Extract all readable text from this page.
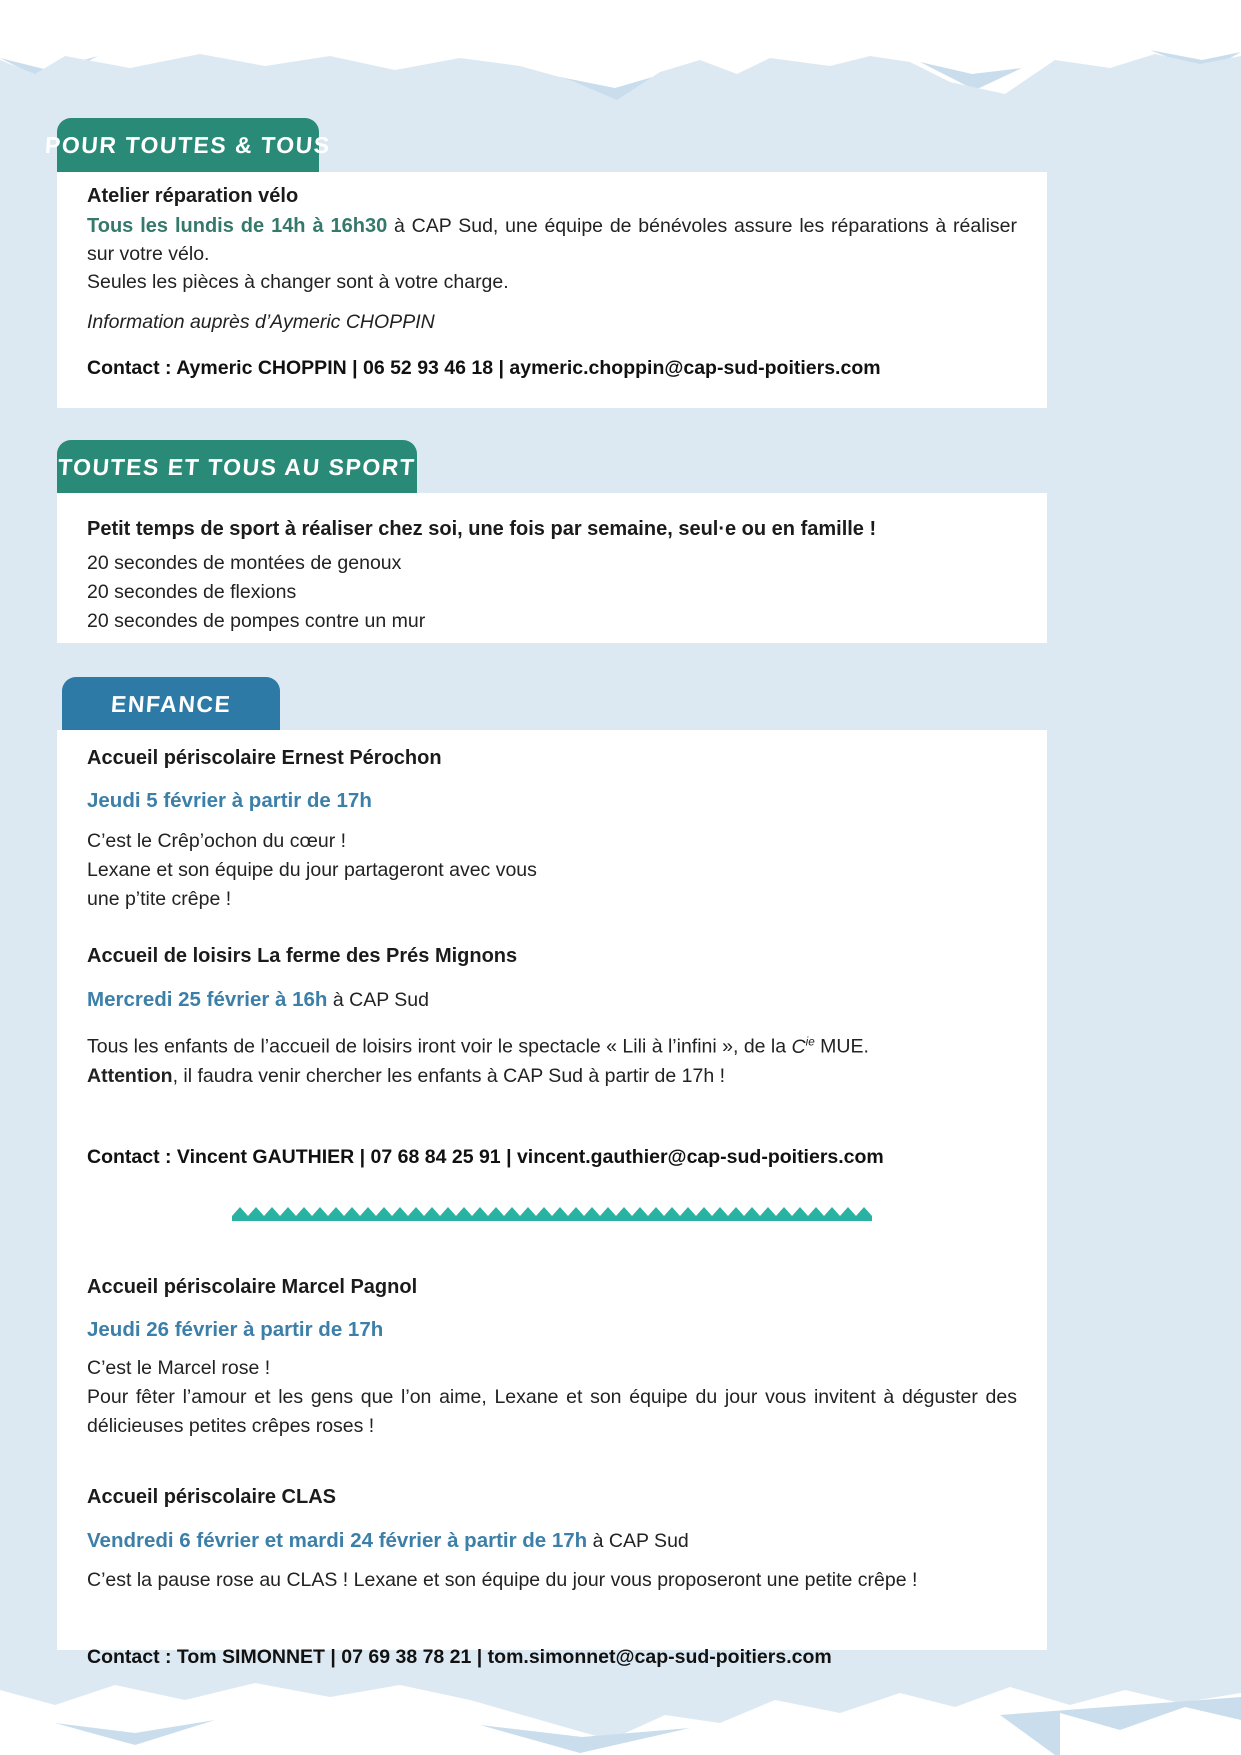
POUR TOUTES & TOUS
Atelier réparation vélo
Tous les lundis de 14h à 16h30 à CAP Sud, une équipe de bénévoles assure les réparations à réaliser sur votre vélo.
Seules les pièces à changer sont à votre charge.
Information auprès d’Aymeric CHOPPIN
Contact : Aymeric CHOPPIN | 06 52 93 46 18 | aymeric.choppin@cap-sud-poitiers.com
TOUTES ET TOUS AU SPORT
Petit temps de sport à réaliser chez soi, une fois par semaine, seul·e ou en famille !
20 secondes de montées de genoux
20 secondes de flexions
20 secondes de pompes contre un mur
ENFANCE
Accueil périscolaire Ernest Pérochon
Jeudi 5 février à partir de 17h
C’est le Crêp’ochon du cœur !
Lexane et son équipe du jour partageront avec vous
une p’tite crêpe !
Accueil de loisirs La ferme des Prés Mignons
Mercredi 25 février à 16h à CAP Sud
Tous les enfants de l’accueil de loisirs iront voir le spectacle « Lili à l’infini », de la $C^{ie}$ MUE.
Attention, il faudra venir chercher les enfants à CAP Sud à partir de 17h !
Contact : Vincent GAUTHIER | 07 68 84 25 91 | vincent.gauthier@cap-sud-poitiers.com
Accueil périscolaire Marcel Pagnol
Jeudi 26 février à partir de 17h
C’est le Marcel rose !
Pour fêter l’amour et les gens que l’on aime, Lexane et son équipe du jour vous invitent à déguster des délicieuses petites crêpes roses !
Accueil périscolaire CLAS
Vendredi 6 février et mardi 24 février à partir de 17h à CAP Sud
C’est la pause rose au CLAS ! Lexane et son équipe du jour vous proposeront une petite crêpe !
Contact : Tom SIMONNET | 07 69 38 78 21 | tom.simonnet@cap-sud-poitiers.com
